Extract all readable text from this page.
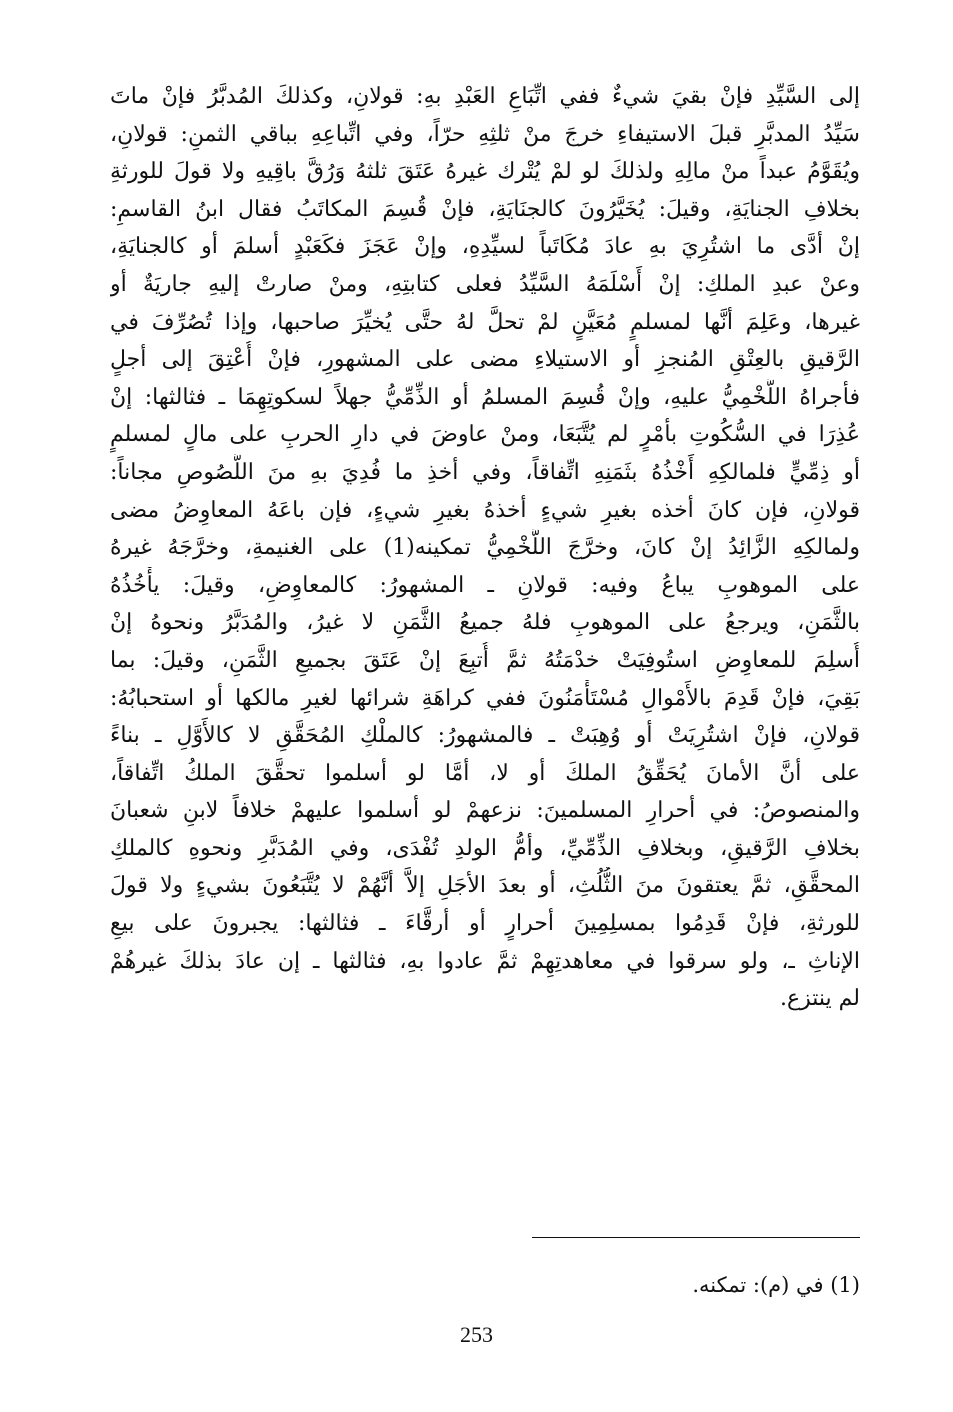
إلى السَّيِّدِ فإنْ بقيَ شيءٌ ففي اتِّبَاعِ العَبْدِ بهِ: قولانِ، وكذلكَ المُدبَّرُ فإنْ ماتَ
سَيِّدُ المدبَّرِ قبلَ الاستيفاءِ خرجَ منْ ثلثِهِ حرّاً، وفي اتِّباعِهِ بباقي الثمنِ: قولانِ،
ويُقَوَّمُ عبداً منْ مالِهِ ولذلكَ لو لمْ يُتْرك غيرهُ عَتَقَ ثلثهُ وَرُقَّ باقِيهِ ولا قولَ للورثةِ
بخلافِ الجنايَةِ، وقيلَ: يُخَيَّرُونَ كالجنَايَةِ، فإنْ قُسِمَ المكاتَبُ فقال ابنُ القاسمِ:
إنْ أدَّى ما اشتُرِيَ بهِ عادَ مُكَاتَباً لسيِّدِهِ، وإنْ عَجَزَ فكَعَبْدٍ أسلمَ أو كالجنايَةِ،
وعنْ عبدِ الملكِ: إنْ أَسْلَمَهُ السَّيِّدُ فعلى كتابتِهِ، ومنْ صارتْ إليهِ جاريَةٌ أو
غيرها، وعَلِمَ أنَّها لمسلمٍ مُعَيَّنٍ لمْ تحلَّ لهُ حتَّى يُخيِّرَ صاحبها، وإذا تُصُرِّفَ في
الرَّقيقِ بالعِتْقِ المُنجزِ أو الاستيلاءِ مضى على المشهورِ، فإنْ أُعْتِقَ إلى أجلٍ
فأجراهُ اللَّخْمِيُّ عليهِ، وإنْ قُسِمَ المسلمُ أو الذِّمِّيُّ جهلاً لسكوتِهِمَا ـ فثالثها: إنْ
عُذِرَا في السُّكُوتِ بأمْرٍ لم يُتَّبَعَا، ومنْ عاوضَ في دارِ الحربِ على مالٍ لمسلمٍ
أو ذِمِّيٍّ فلمالكِهِ أَخْذُهُ بثَمَنِهِ اتِّفاقاً، وفي أخذِ ما فُدِيَ بهِ منَ اللُّصُوصِ مجاناً:
قولانِ، فإن كانَ أخذه بغيرِ شيءٍ أخذهُ بغيرِ شيءٍ، فإن باعَهُ المعاوِضُ مضى
ولمالكِهِ الزَّائِدُ إنْ كانَ، وخرَّجَ اللَّخْمِيُّ تمكينه(1) على الغنيمةِ، وخرَّجَهُ غيرهُ
على الموهوبِ يباعُ وفيه: قولانِ ـ المشهورُ: كالمعاوِضِ، وقيلَ: يأْخُذُهُ
بالثَّمَنِ، ويرجعُ على الموهوبِ فلهُ جميعُ الثَّمَنِ لا غيرُ، والمُدَبَّرُ ونحوهُ إنْ
أُسلِمَ للمعاوِضِ استُوفِيَتْ خدْمَتُهُ ثمَّ أُتبِعَ إنْ عَتَقَ بجميعِ الثَّمَنِ، وقيلَ: بما
بَقِيَ، فإنْ قَدِمَ بالأَمْوالِ مُسْتَأْمَنُونَ ففي كراهَةِ شرائها لغيرِ مالكها أو استحبابُهُ:
قولانِ، فإنْ اشتُرِيَتْ أو وُهِبَتْ ـ فالمشهورُ: كالملْكِ المُحَقَّقِ لا كالأَوَّلِ ـ بناءً
على أنَّ الأمانَ يُحَقِّقُ الملكَ أو لا، أمَّا لو أسلموا تحقَّقَ الملكُ اتِّفاقاً،
والمنصوصُ: في أحرارِ المسلمينَ: نزعهمْ لو أسلموا عليهمْ خلافاً لابنِ شعبانَ
بخلافِ الرَّقيقِ، وبخلافِ الذِّمِّيِّ، وأمُّ الولدِ تُفْدَى، وفي المُدَبَّرِ ونحوهِ كالملكِ
المحقَّقِ، ثمَّ يعتقونَ منَ الثُّلُثِ، أو بعدَ الأجَلِ إلاَّ أنَّهُمْ لا يُتَّبَعُونَ بشيءٍ ولا قولَ
للورثةِ، فإنْ قَدِمُوا بمسلِمِينَ أحرارٍ أو أرقَّاءَ ـ فثالثها: يجبرونَ على بيعِ
الإناثِ ـ، ولو سرقوا في معاهدتِهِمْ ثمَّ عادوا بهِ، فثالثها ـ إن عادَ بذلكَ غيرهُمْ
لم ينتزع.
(1) في (م): تمكنه.
253
